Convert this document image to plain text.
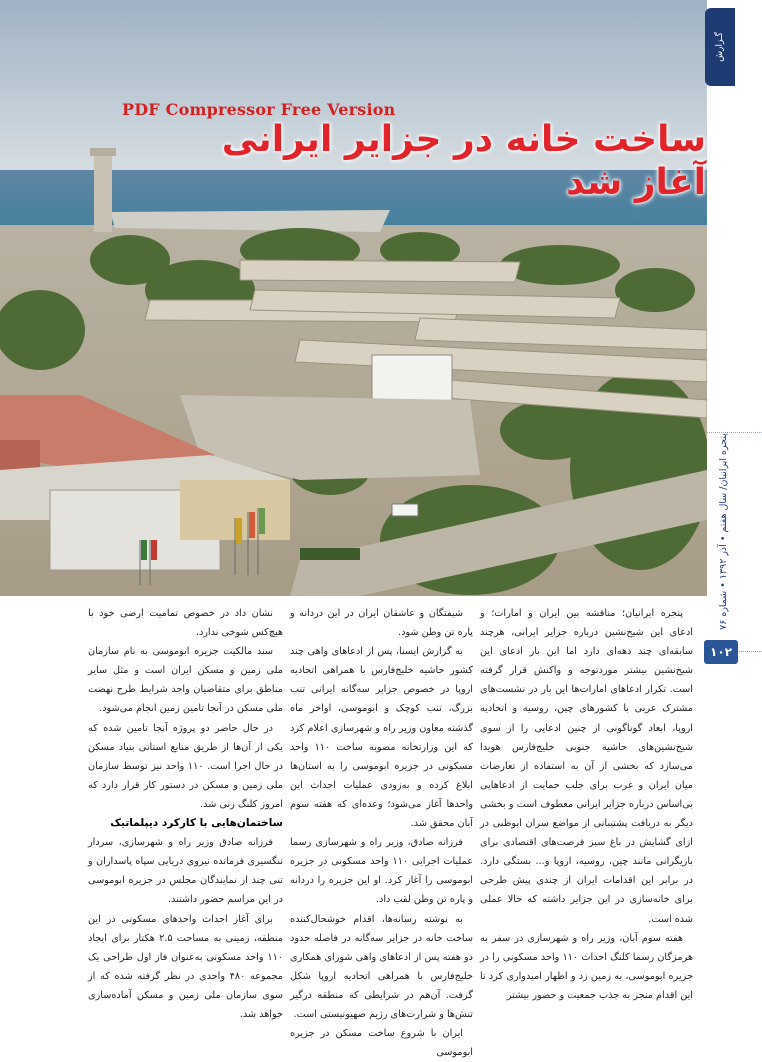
PDF Compressor Free Version
ساخت خانه در جزایر ایرانی آغاز شد
گـزارش
پنجره ایرانیان/ سال هفتم • آذر ۱۳۹۲ • شماره ۷۶
۱۰۲

پنجره ایرانیان؛ مناقشه بین ایران و امارات؛ و ادعای این شیخ‌نشین درباره جزایر ایرانی، هرچند سابقه‌ای چند دهه‌ای دارد اما این بار ادعای این شیخ‌نشین بیشتر موردتوجه و واکنش قرار گرفته است. تکرار ادعاهای امارات‌ها این بار در نشست‌های مشترک عربی با کشورهای چین، روسیه و اتحادیه اروپا، ابعاد گوناگونی از چنین ادعایی را از سوی شیخ‌نشین‌های حاشیه جنوبی خلیج‌فارس هویدا می‌سازد که بخشی از آن به استفاده از تعارضات میان ایران و غرب برای جلب حمایت از ادعاهایی بی‌اساس درباره جزایر ایرانی معطوف است و بخشی دیگر به دریافت پشتیبانی از مواضع سران ابوظبی در ازای گشایش در باغ سبز فرصت‌های اقتصادی برای بازیگرانی مانند چین، روسیه، اروپا و... بستگی دارد. در برابر این اقدامات ایران از چندی پیش طرحی برای خانه‌سازی در این جزایر داشته که حالا عملی شده است.

هفته سوم آبان، وزیر راه و شهرسازی در سفر به هرمزگان رسما کلنگ احداث ۱۱۰ واحد مسکونی را در جزیره ابوموسی، به زمین زد و اظهار امیدواری کرد تا این اقدام منجر به جذب جمعیت و حضور بیشتر

شیفتگان و عاشقان ایران در این دردانه و پاره تن وطن شود.

به گزارش ایسنا، پس از ادعاهای واهی چند کشور حاشیه خلیج‌فارس با همراهی اتحادیه اروپا در خصوص جزایر سه‌گانه ایرانی تنب بزرگ، تنب کوچک و ابوموسی، اواخر ماه گذشته معاون وزیر راه و شهرسازی اعلام کرد که این وزارتخانه مصوبه ساخت ۱۱۰ واحد مسکونی در جزیره ابوموسی را به استان‌ها ابلاغ کرده و به‌زودی عملیات احداث این واحدها آغاز می‌شود؛ وعده‌ای که هفته سوم آبان محقق شد.

فرزانه صادق، وزیر راه و شهرسازی رسما عملیات اجرایی ۱۱۰ واحد مسکونی در جزیره ابوموسی را آغاز کرد. او این جزیره را دردانه و پاره تن وطن لقب داد.

به نوشته رسانه‌ها، اقدام خوشحال‌کننده ساخت خانه در جزایر سه‌گانه در فاصله حدود دو هفته پس از ادعاهای واهی شورای همکاری خلیج‌فارس با همراهی اتحادیه اروپا شکل گرفت. آن‌هم در شرایطی که منطقه درگیر تنش‌ها و شرارت‌های رژیم صهیونیستی است.

ایران با شروع ساخت مسکن در جزیره ابوموسی

نشان داد در خصوص تمامیت ارضی خود با هیچ‌کس شوخی ندارد.

سند مالکیت جزیره ابوموسی به نام سازمان ملی زمین و مسکن ایران است و مثل سایر مناطق برای متقاضیان واجد شرایط طرح نهضت ملی مسکن در آنجا تامین زمین انجام می‌شود.

در حال حاضر دو پروژه آنجا تامین شده که یکی از آن‌ها از طریق منابع استانی بنیاد مسکن در حال اجرا است. ۱۱۰ واحد نیز توسط سازمان ملی زمین و مسکن در دستور کار قرار دارد که امروز کلنگ زنی شد.

ساختمان‌هایی با کارکرد دیپلماتیک

فرزانه صادق وزیر راه و شهرسازی، سردار تنگسیری فرمانده نیروی دریایی سپاه پاسداران و تنی چند از نمایندگان مجلس در جزیره ابوموسی در این مراسم حضور داشتند.

برای آغاز احداث واحدهای مسکونی در این منطقه، زمینی به مساحت ۲.۵ هکتار برای ایجاد ۱۱۰ واحد مسکونی به‌عنوان فاز اول طراحی یک مجموعه ۴۸۰ واحدی در نظر گرفته شده که از سوی سازمان ملی زمین و مسکن آماده‌سازی خواهد شد.
